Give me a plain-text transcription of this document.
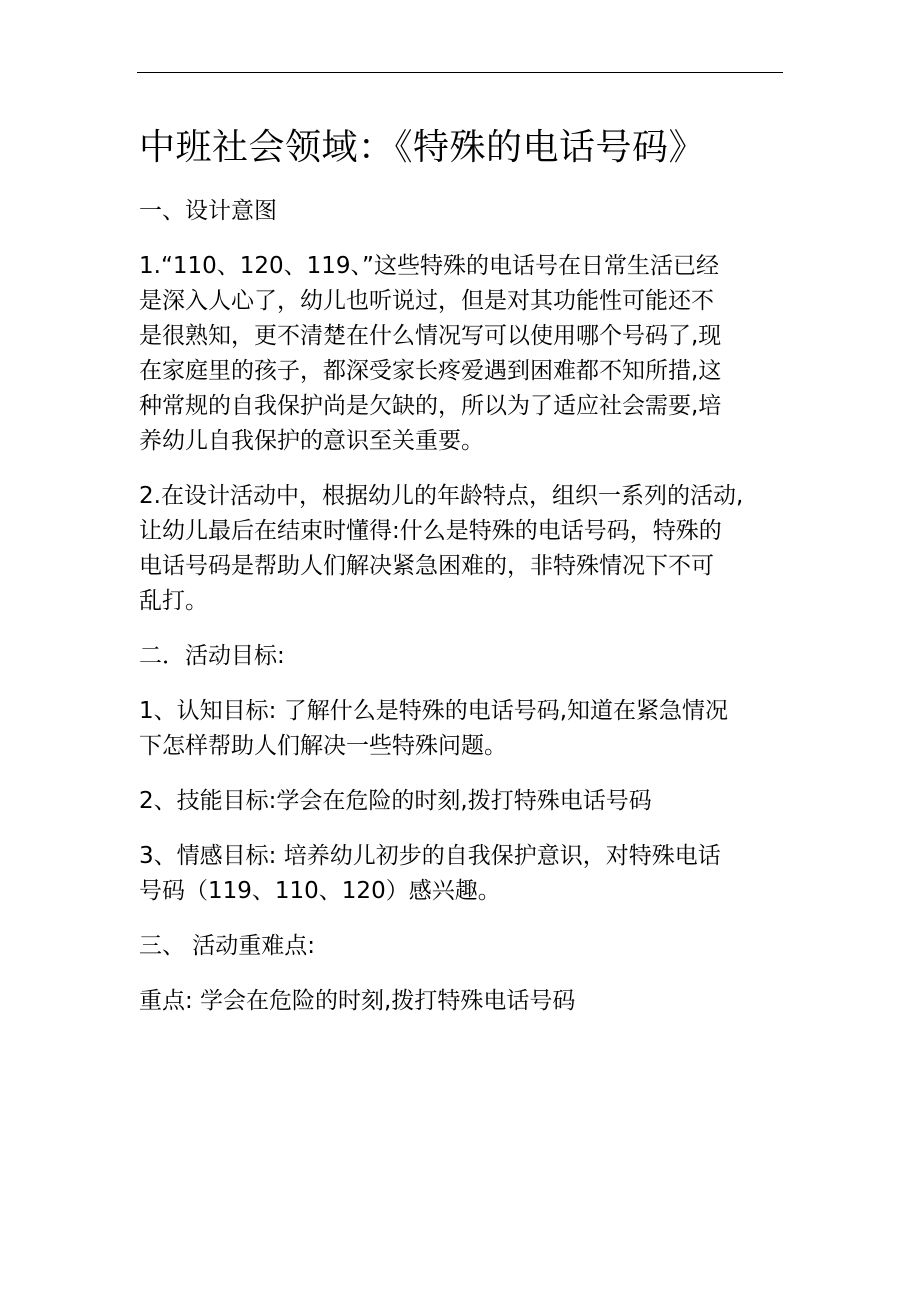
中班社会领域：《特殊的电话号码》

一、设计意图

1.“110、120、119、”这些特殊的电话号在日常生活已经
是深入人心了，幼儿也听说过，但是对其功能性可能还不
是很熟知，更不清楚在什么情况写可以使用哪个号码了,现
在家庭里的孩子，都深受家长疼爱遇到困难都不知所措,这
种常规的自我保护尚是欠缺的，所以为了适应社会需要,培
养幼儿自我保护的意识至关重要。

2.在设计活动中，根据幼儿的年龄特点，组织一系列的活动,
让幼儿最后在结束时懂得:什么是特殊的电话号码，特殊的
电话号码是帮助人们解决紧急困难的，非特殊情况下不可
乱打。

二．活动目标:

1、认知目标: 了解什么是特殊的电话号码,知道在紧急情况
下怎样帮助人们解决一些特殊问题。

2、技能目标:学会在危险的时刻,拨打特殊电话号码

3、情感目标: 培养幼儿初步的自我保护意识，对特殊电话
号码（119、110、120）感兴趣。

三、 活动重难点:

重点: 学会在危险的时刻,拨打特殊电话号码
